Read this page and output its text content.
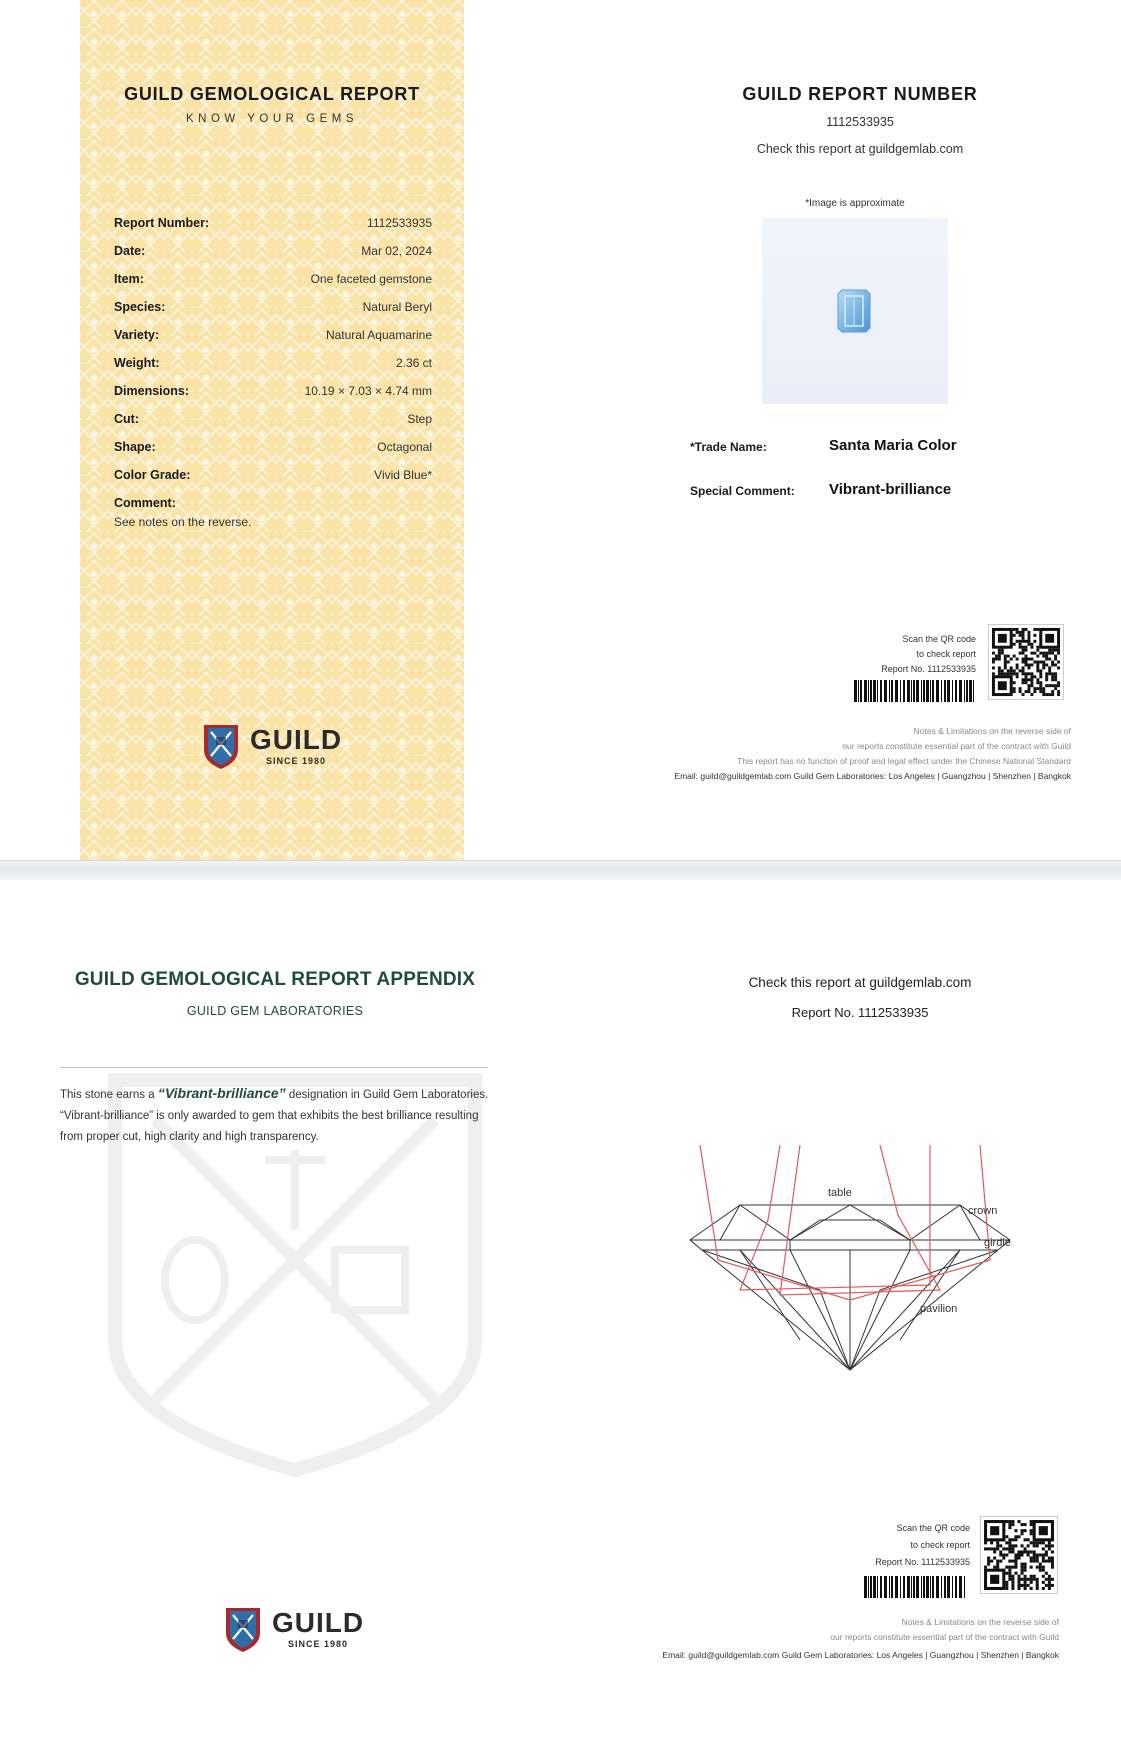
GUILD GEMOLOGICAL REPORT
KNOW YOUR GEMS
Report Number:	1112533935
Date:	Mar 02, 2024
Item:	One faceted gemstone
Species:	Natural Beryl
Variety:	Natural Aquamarine
Weight:	2.36 ct
Dimensions:	10.19 × 7.03 × 4.74 mm
Cut:	Step
Shape:	Octagonal
Color Grade:	Vivid Blue*
Comment:
See notes on the reverse.
GUILD
SINCE 1980
GUILD REPORT NUMBER
1112533935
Check this report at guildgemlab.com
*Image is approximate
*Trade Name:	Santa Maria Color
Special Comment: Vibrant-brilliance
Scan the QR code
to check report
Report No. 1112533935
Notes & Limitations on the reverse side of
our reports constitute essential part of the contract with Guild
This report has no function of proof and legal effect under the Chinese National Standard
Email: guild@guildgemlab.com Guild Gem Laboratories: Los Angeles | Guangzhou | Shenzhen | Bangkok
GUILD GEMOLOGICAL REPORT APPENDIX
GUILD GEM LABORATORIES
This stone earns a “Vibrant-brilliance” designation in Guild Gem Laboratories. “Vibrant-brilliance” is only awarded to gem that exhibits the best brilliance resulting from proper cut, high clarity and high transparency.
GUILD
SINCE 1980
Check this report at guildgemlab.com
Report No. 1112533935
table
crown
girdle
pavilion
Scan the QR code
to check report
Report No. 1112533935
Notes & Limitations on the reverse side of
our reports constitute essential part of the contract with Guild
Email: guild@guildgemlab.com Guild Gem Laboratories: Los Angeles | Guangzhou | Shenzhen | Bangkok
